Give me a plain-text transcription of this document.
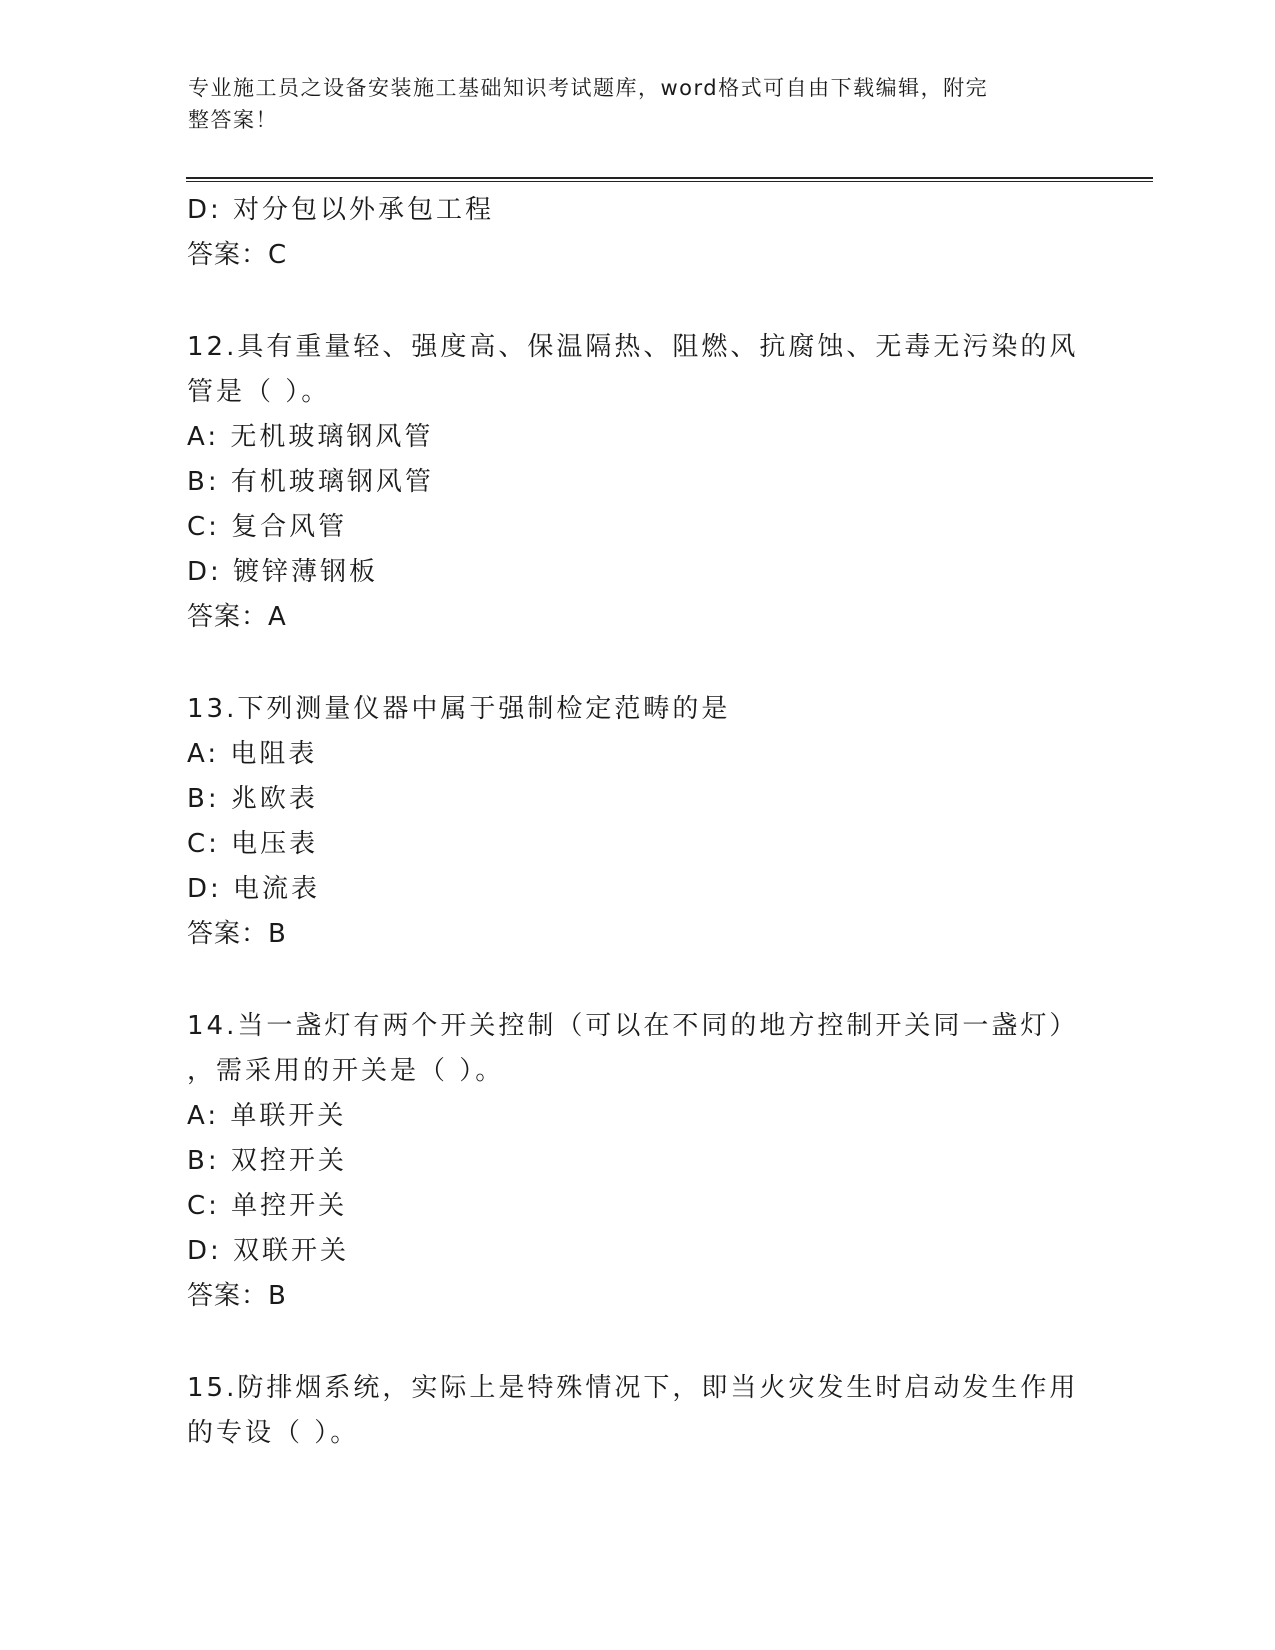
专业施工员之设备安装施工基础知识考试题库，word格式可自由下载编辑，附完
整答案！
D: 对分包以外承包工程
答案：C
12.具有重量轻、强度高、保温隔热、阻燃、抗腐蚀、无毒无污染的风
管是（ ）。
A: 无机玻璃钢风管
B: 有机玻璃钢风管
C: 复合风管
D: 镀锌薄钢板
答案：A
13.下列测量仪器中属于强制检定范畴的是
A: 电阻表
B: 兆欧表
C: 电压表
D: 电流表
答案：B
14.当一盏灯有两个开关控制（可以在不同的地方控制开关同一盏灯）
，需采用的开关是（ ）。
A: 单联开关
B: 双控开关
C: 单控开关
D: 双联开关
答案：B
15.防排烟系统，实际上是特殊情况下，即当火灾发生时启动发生作用
的专设（ ）。
